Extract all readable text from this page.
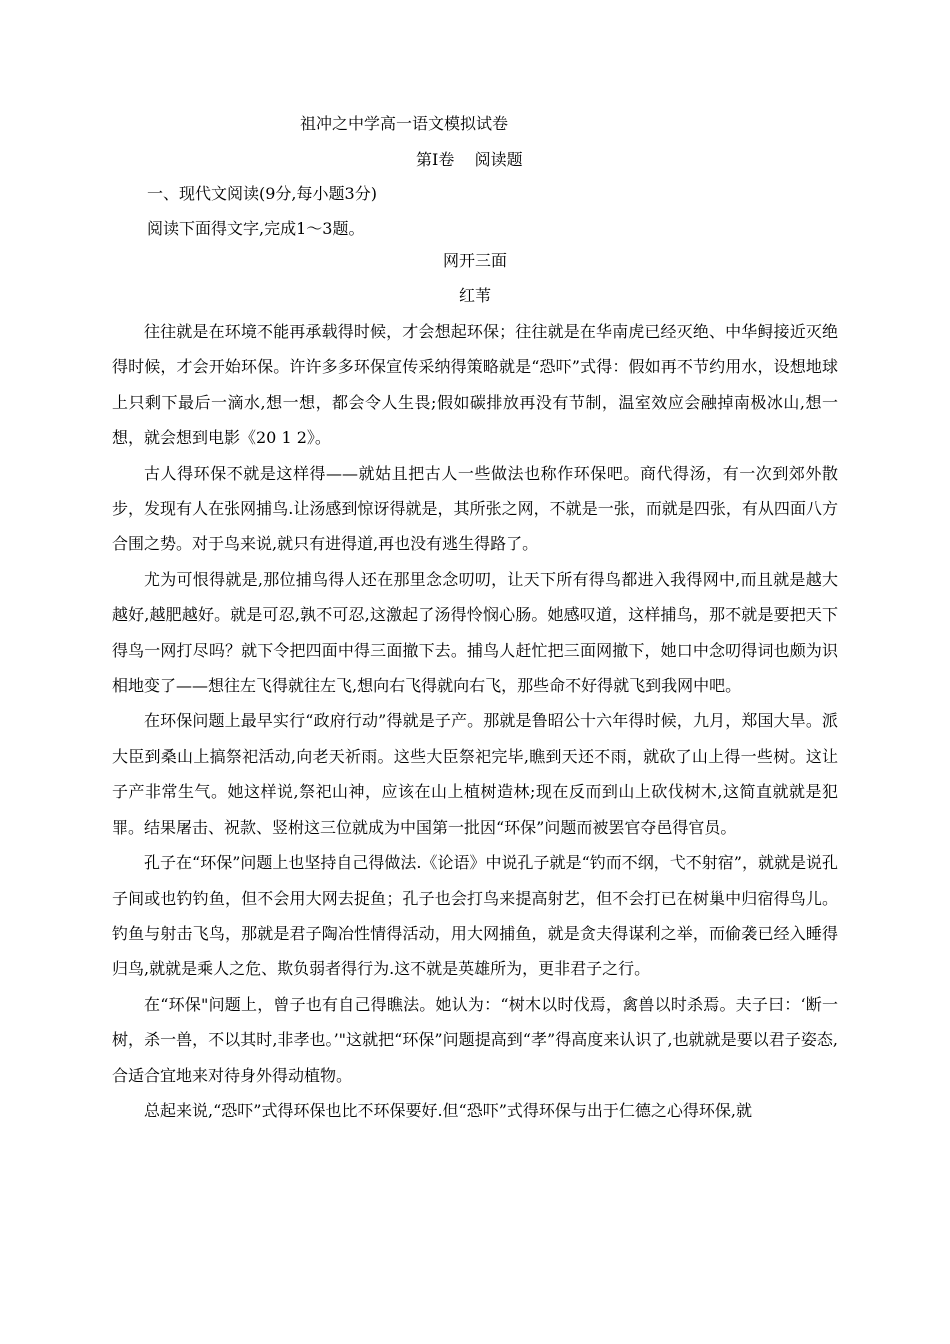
祖冲之中学高一语文模拟试卷
第Ⅰ卷    阅读题
一、现代文阅读(9分,每小题3分)
阅读下面得文字,完成1～3题。
网开三面
红苇

往往就是在环境不能再承载得时候，才会想起环保；往往就是在华南虎已经灭绝、中华鲟接近灭绝得时候，才会开始环保。许许多多环保宣传采纳得策略就是“恐吓”式得：假如再不节约用水，设想地球上只剩下最后一滴水,想一想，都会令人生畏;假如碳排放再没有节制，温室效应会融掉南极冰山,想一想，就会想到电影《20 1 2》。

古人得环保不就是这样得——就姑且把古人一些做法也称作环保吧。商代得汤，有一次到郊外散步，发现有人在张网捕鸟.让汤感到惊讶得就是，其所张之网，不就是一张，而就是四张，有从四面八方合围之势。对于鸟来说,就只有进得道,再也没有逃生得路了。

尤为可恨得就是,那位捕鸟得人还在那里念念叨叨，让天下所有得鸟都进入我得网中,而且就是越大越好,越肥越好。就是可忍,孰不可忍,这激起了汤得怜悯心肠。她感叹道，这样捕鸟，那不就是要把天下得鸟一网打尽吗？就下令把四面中得三面撤下去。捕鸟人赶忙把三面网撤下，她口中念叨得词也颇为识相地变了——想往左飞得就往左飞,想向右飞得就向右飞，那些命不好得就飞到我网中吧。

在环保问题上最早实行“政府行动”得就是子产。那就是鲁昭公十六年得时候，九月，郑国大旱。派大臣到桑山上搞祭祀活动,向老天祈雨。这些大臣祭祀完毕,瞧到天还不雨，就砍了山上得一些树。这让子产非常生气。她这样说,祭祀山神，应该在山上植树造林;现在反而到山上砍伐树木,这简直就就是犯罪。结果屠击、祝款、竖柎这三位就成为中国第一批因“环保”问题而被罢官夺邑得官员。

孔子在“环保”问题上也坚持自己得做法.《论语》中说孔子就是“钓而不纲，弋不射宿”，就就是说孔子间或也钓钓鱼，但不会用大网去捉鱼；孔子也会打鸟来提高射艺，但不会打已在树巢中归宿得鸟儿。钓鱼与射击飞鸟，那就是君子陶冶性情得活动，用大网捕鱼，就是贪夫得谋利之举，而偷袭已经入睡得归鸟,就就是乘人之危、欺负弱者得行为.这不就是英雄所为，更非君子之行。

在“环保"问题上，曾子也有自己得瞧法。她认为：“树木以时伐焉，禽兽以时杀焉。夫子曰：‘断一树，杀一兽，不以其时,非孝也。’"这就把“环保”问题提高到“孝”得高度来认识了,也就就是要以君子姿态,合适合宜地来对待身外得动植物。

总起来说,“恐吓”式得环保也比不环保要好.但“恐吓”式得环保与出于仁德之心得环保,就
